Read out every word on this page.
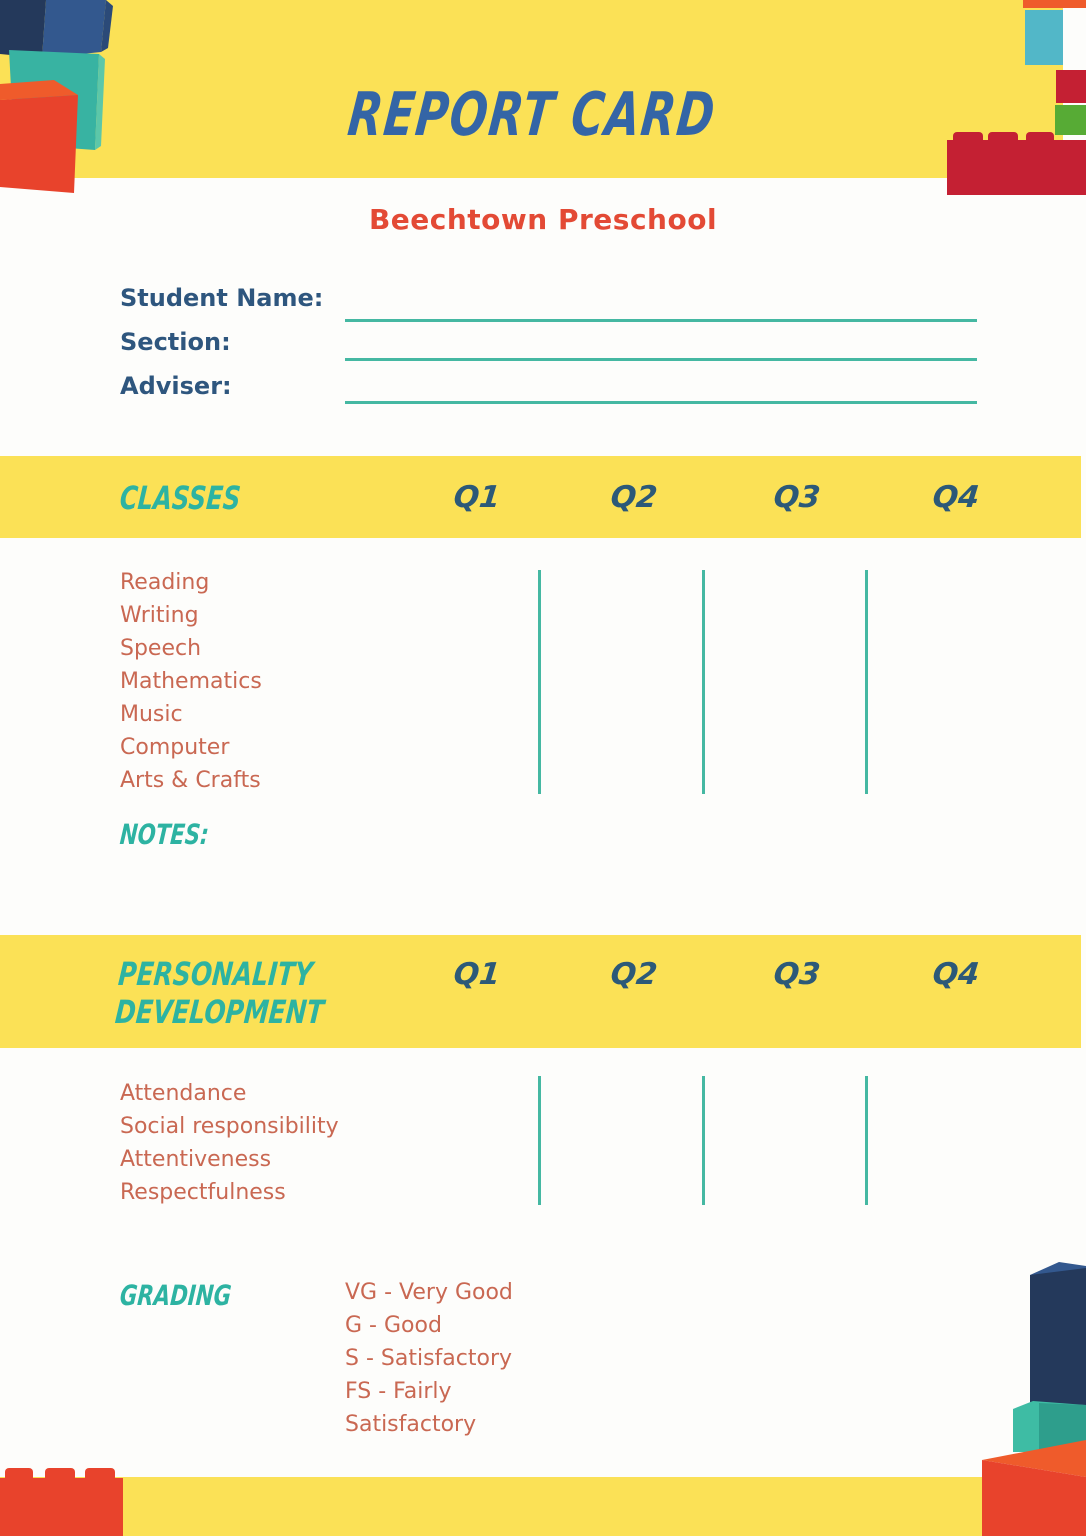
REPORT CARD
Beechtown Preschool
Student Name:
Section:
Adviser:
CLASSES	Q1	Q2	Q3	Q4
Reading
Writing
Speech
Mathematics
Music
Computer
Arts & Crafts
NOTES:
PERSONALITY DEVELOPMENT
Q1	Q2	Q3	Q4
Attendance
Social responsibility
Attentiveness
Respectfulness
GRADING	VG - Very Good
G - Good
S - Satisfactory
FS - Fairly Satisfactory
